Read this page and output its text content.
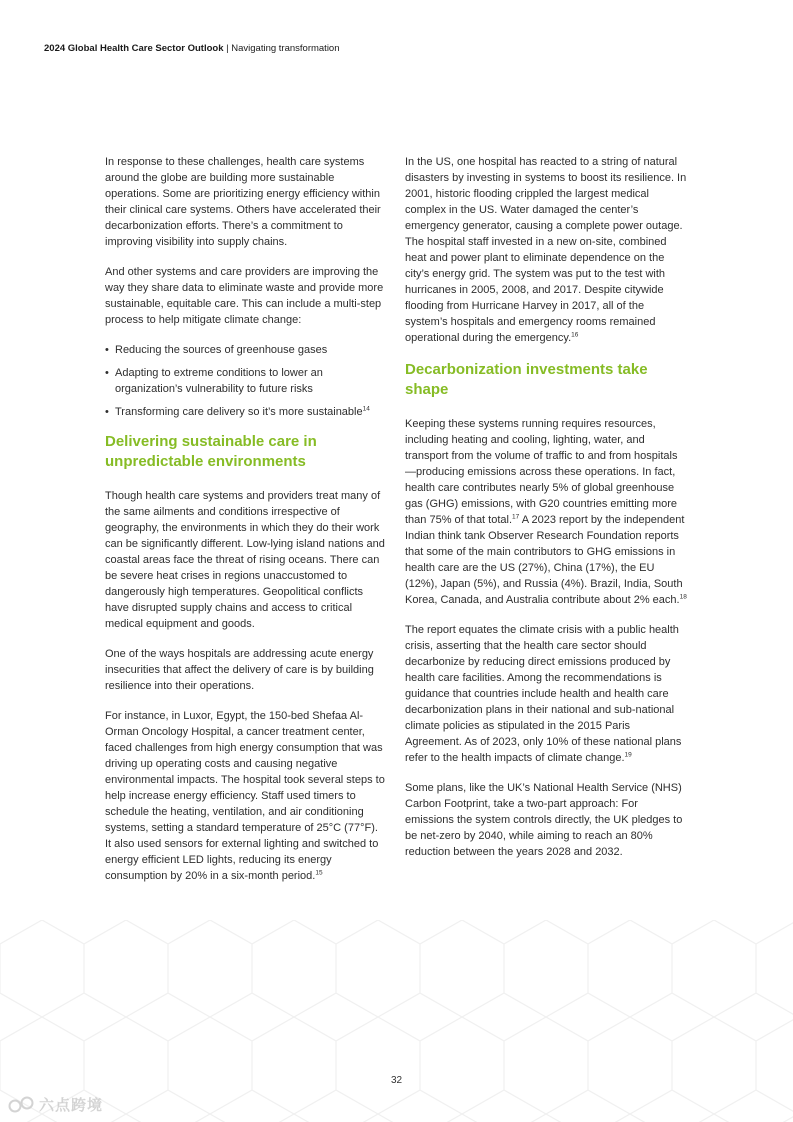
2024 Global Health Care Sector Outlook | Navigating transformation

In response to these challenges, health care systems around the globe are building more sustainable operations. Some are prioritizing energy efficiency within their clinical care systems. Others have accelerated their decarbonization efforts. There’s a commitment to improving visibility into supply chains.

And other systems and care providers are improving the way they share data to eliminate waste and provide more sustainable, equitable care. This can include a multi-step process to help mitigate climate change:

• Reducing the sources of greenhouse gases
• Adapting to extreme conditions to lower an organization’s vulnerability to future risks
• Transforming care delivery so it’s more sustainable$^{14}$
Delivering sustainable care in unpredictable environments

Though health care systems and providers treat many of the same ailments and conditions irrespective of geography, the environments in which they do their work can be significantly different. Low-lying island nations and coastal areas face the threat of rising oceans. There can be severe heat crises in regions unaccustomed to dangerously high temperatures. Geopolitical conflicts have disrupted supply chains and access to critical medical equipment and goods.

One of the ways hospitals are addressing acute energy insecurities that affect the delivery of care is by building resilience into their operations.

For instance, in Luxor, Egypt, the 150-bed Shefaa Al-Orman Oncology Hospital, a cancer treatment center, faced challenges from high energy consumption that was driving up operating costs and causing negative environmental impacts. The hospital took several steps to help increase energy efficiency. Staff used timers to schedule the heating, ventilation, and air conditioning systems, setting a standard temperature of 25°C (77°F). It also used sensors for external lighting and switched to energy efficient LED lights, reducing its energy consumption by 20% in a six-month period.$^{15}$

In the US, one hospital has reacted to a string of natural disasters by investing in systems to boost its resilience. In 2001, historic flooding crippled the largest medical complex in the US. Water damaged the center’s emergency generator, causing a complete power outage. The hospital staff invested in a new on-site, combined heat and power plant to eliminate dependence on the city’s energy grid. The system was put to the test with hurricanes in 2005, 2008, and 2017. Despite citywide flooding from Hurricane Harvey in 2017, all of the system’s hospitals and emergency rooms remained operational during the emergency.$^{16}$

Decarbonization investments take shape

Keeping these systems running requires resources, including heating and cooling, lighting, water, and transport from the volume of traffic to and from hospitals—producing emissions across these operations. In fact, health care contributes nearly 5% of global greenhouse gas (GHG) emissions, with G20 countries emitting more than 75% of that total.$^{17}$ A 2023 report by the independent Indian think tank Observer Research Foundation reports that some of the main contributors to GHG emissions in health care are the US (27%), China (17%), the EU (12%), Japan (5%), and Russia (4%). Brazil, India, South Korea, Canada, and Australia contribute about 2% each.$^{18}$

The report equates the climate crisis with a public health crisis, asserting that the health care sector should decarbonize by reducing direct emissions produced by health care facilities. Among the recommendations is guidance that countries include health and health care decarbonization plans in their national and sub-national climate policies as stipulated in the 2015 Paris Agreement. As of 2023, only 10% of these national plans refer to the health impacts of climate change.$^{19}$

Some plans, like the UK’s National Health Service (NHS) Carbon Footprint, take a two-part approach: For emissions the system controls directly, the UK pledges to be net-zero by 2040, while aiming to reach an 80% reduction between the years 2028 and 2032.

32
六点跨境
